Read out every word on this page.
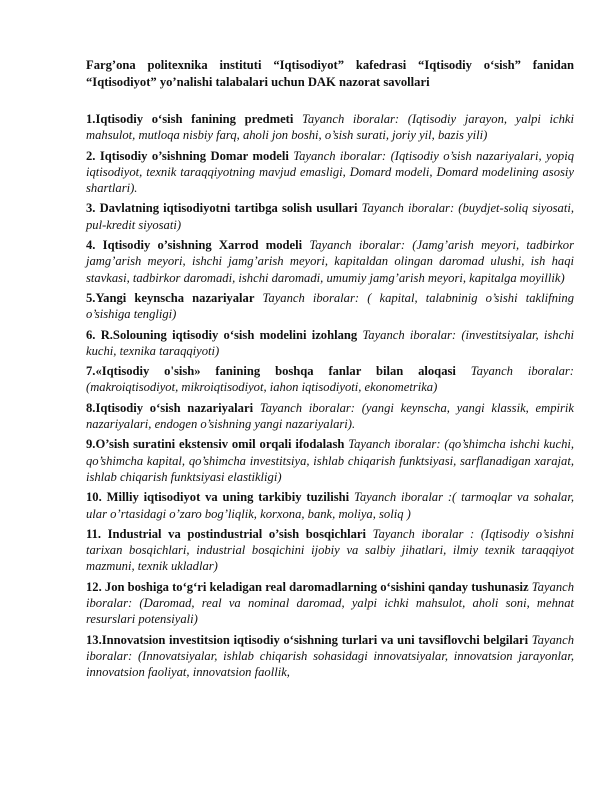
Farg’ona politexnika instituti “Iqtisodiyot” kafedrasi “Iqtisodiy o‘sish” fanidan “Iqtisodiyot” yo’nalishi talabalari uchun DAK nazorat savollari
1.Iqtisodiy o‘sish fanining predmeti Tayanch iboralar: (Iqtisodiy jarayon, yalpi ichki mahsulot, mutloqa nisbiy farq, aholi jon boshi, o’sish surati, joriy yil, bazis yili)
2. Iqtisodiy o’sishning Domar modeli Tayanch iboralar: (Iqtisodiy o’sish nazariyalari, yopiq iqtisodiyot, texnik taraqqiyotning mavjud emasligi, Domard modeli, Domard modelining asosiy shartlari).
3. Davlatning iqtisodiyotni tartibga solish usullari Tayanch iboralar: (buydjet-soliq siyosati, pul-kredit siyosati)
4. Iqtisodiy o’sishning Xarrod modeli Tayanch iboralar: (Jamg’arish meyori, tadbirkor jamg’arish meyori, ishchi jamg’arish meyori, kapitaldan olingan daromad ulushi, ish haqi stavkasi, tadbirkor daromadi, ishchi daromadi, umumiy jamg’arish meyori, kapitalga moyillik)
5.Yangi keynscha nazariyalar Tayanch iboralar: ( kapital, talabninig o’sishi taklifning o’sishiga tengligi)
6. R.Solouning iqtisodiy o‘sish modelini izohlang Tayanch iboralar: (investitsiyalar, ishchi kuchi, texnika taraqqiyoti)
7.«Iqtisodiy o'sish» fanining boshqa fanlar bilan aloqasi Tayanch iboralar: (makroiqtisodiyot, mikroiqtisodiyot, iahon iqtisodiyoti, ekonometrika)
8.Iqtisodiy o‘sish nazariyalari Tayanch iboralar: (yangi keynscha, yangi klassik, empirik nazariyalari, endogen o’sishning yangi nazariyalari).
9.O’sish suratini ekstensiv omil orqali ifodalash Tayanch iboralar: (qo’shimcha ishchi kuchi, qo’shimcha kapital, qo’shimcha investitsiya, ishlab chiqarish funktsiyasi, sarflanadigan xarajat, ishlab chiqarish funktsiyasi elastikligi)
10. Milliy iqtisodiyot va uning tarkibiy tuzilishi Tayanch iboralar :( tarmoqlar va sohalar, ular o’rtasidagi o’zaro bog’liqlik, korxona, bank, moliya, soliq )
11. Industrial va postindustrial o’sish bosqichlari Tayanch iboralar : (Iqtisodiy o’sishni tarixan bosqichlari, industrial bosqichini ijobiy va salbiy jihatlari, ilmiy texnik taraqqiyot mazmuni, texnik ukladlar)
12. Jon boshiga to‘g‘ri keladigan real daromadlarning o‘sishini qanday tushunasiz Tayanch iboralar: (Daromad, real va nominal daromad, yalpi ichki mahsulot, aholi soni, mehnat resurslari potensiyali)
13.Innovatsion investitsion iqtisodiy o‘sishning turlari va uni tavsiflovchi belgilari Tayanch iboralar: (Innovatsiyalar, ishlab chiqarish sohasidagi innovatsiyalar, innovatsion jarayonlar, innovatsion faoliyat, innovatsion faollik,
